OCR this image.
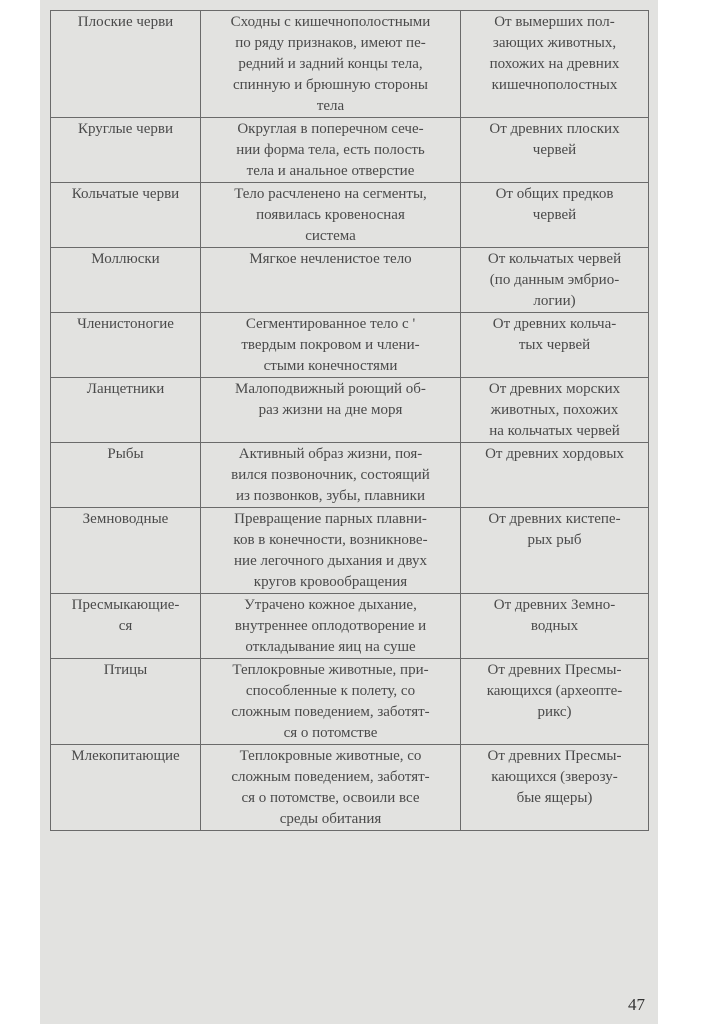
Плоские черви	Сходны с кишечнополостными
по ряду признаков, имеют пе-
редний и задний концы тела,
спинную и брюшную стороны
тела	От вымерших пол-
зающих животных,
похожих на древних
кишечнополостных
Круглые черви	Округлая в поперечном сече-
нии форма тела, есть полость
тела и анальное отверстие	От древних плоских
червей
Кольчатые черви	Тело расчленено на сегменты,
появилась кровеносная
система	От общих предков
червей
Моллюски	Мягкое нечленистое тело	От кольчатых червей
(по данным эмбрио-
логии)
Членистоногие	Сегментированное тело с '
твердым покровом и члени-
стыми конечностями	От древних кольча-
тых червей
Ланцетники	Малоподвижный роющий об-
раз жизни на дне моря	От древних морских
животных, похожих
на кольчатых червей
Рыбы	Активный образ жизни, поя-
вился позвоночник, состоящий
из позвонков, зубы, плавники	От древних хордовых
Земноводные	Превращение парных плавни-
ков в конечности, возникнове-
ние легочного дыхания и двух
кругов кровообращения	От древних кистепе-
рых рыб
Пресмыкающие-
ся	Утрачено кожное дыхание,
внутреннее оплодотворение и
откладывание яиц на суше	От древних Земно-
водных
Птицы	Теплокровные животные, при-
способленные к полету, со
сложным поведением, заботят-
ся о потомстве	От древних Пресмы-
кающихся (археопте-
рикс)
Млекопитающие	Теплокровные животные, со
сложным поведением, заботят-
ся о потомстве, освоили все
среды обитания	От древних Пресмы-
кающихся (зверозу-
бые ящеры)
47
